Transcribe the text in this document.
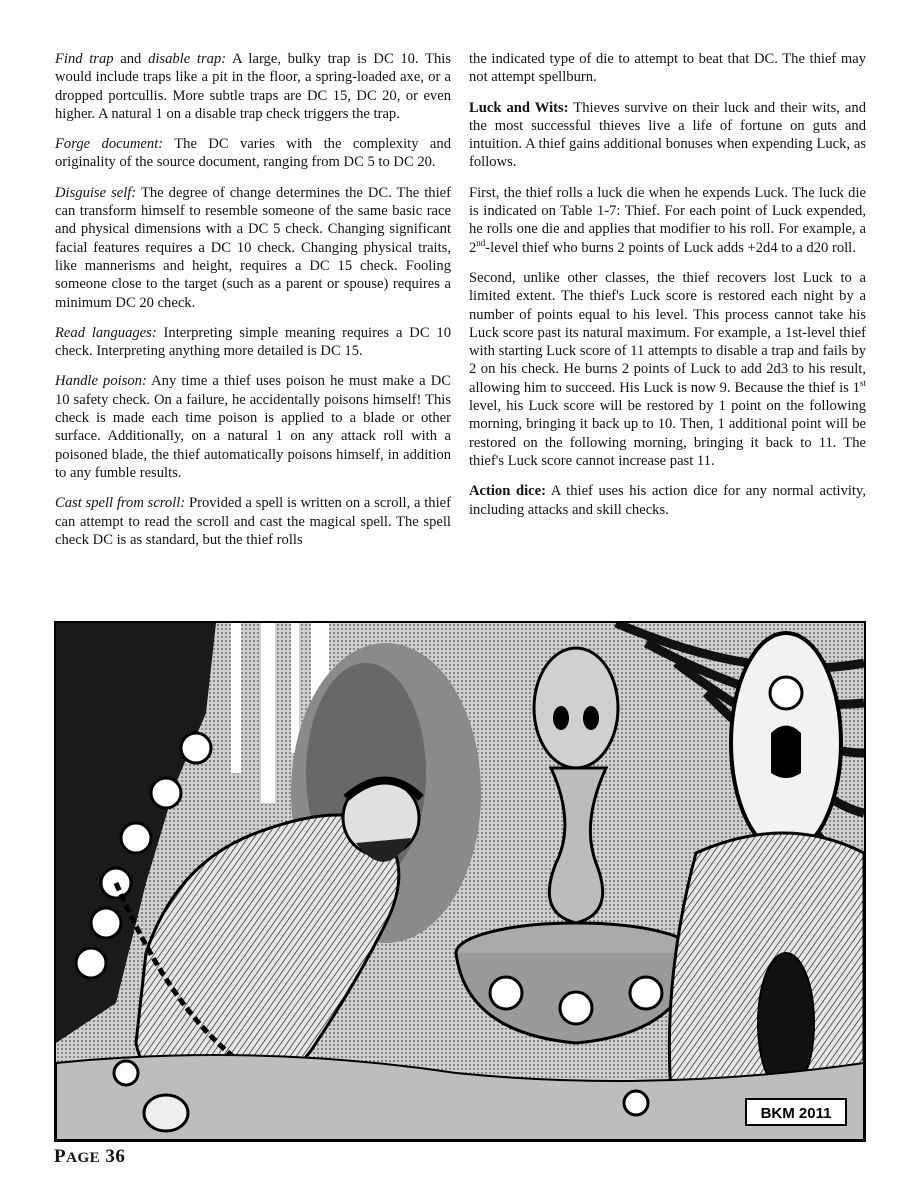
Find trap and disable trap: A large, bulky trap is DC 10. This would include traps like a pit in the floor, a spring-loaded axe, or a dropped portcullis. More subtle traps are DC 15, DC 20, or even higher. A natural 1 on a disable trap check triggers the trap.

Forge document: The DC varies with the complexity and originality of the source document, ranging from DC 5 to DC 20.

Disguise self: The degree of change determines the DC. The thief can transform himself to resemble someone of the same basic race and physical dimensions with a DC 5 check. Changing significant facial features requires a DC 10 check. Changing physical traits, like mannerisms and height, requires a DC 15 check. Fooling someone close to the target (such as a parent or spouse) requires a minimum DC 20 check.

Read languages: Interpreting simple meaning requires a DC 10 check. Interpreting anything more detailed is DC 15.

Handle poison: Any time a thief uses poison he must make a DC 10 safety check. On a failure, he accidentally poisons himself! This check is made each time poison is applied to a blade or other surface. Additionally, on a natural 1 on any attack roll with a poisoned blade, the thief automatically poisons himself, in addition to any fumble results.

Cast spell from scroll: Provided a spell is written on a scroll, a thief can attempt to read the scroll and cast the magical spell. The spell check DC is as standard, but the thief rolls

the indicated type of die to attempt to beat that DC. The thief may not attempt spellburn.

Luck and Wits: Thieves survive on their luck and their wits, and the most successful thieves live a life of fortune on guts and intuition. A thief gains additional bonuses when expending Luck, as follows.

First, the thief rolls a luck die when he expends Luck. The luck die is indicated on Table 1-7: Thief. For each point of Luck expended, he rolls one die and applies that modifier to his roll. For example, a 2nd-level thief who burns 2 points of Luck adds +2d4 to a d20 roll.

Second, unlike other classes, the thief recovers lost Luck to a limited extent. The thief's Luck score is restored each night by a number of points equal to his level. This process cannot take his Luck score past its natural maximum. For example, a 1st-level thief with starting Luck score of 11 attempts to disable a trap and fails by 2 on his check. He burns 2 points of Luck to add 2d3 to his result, allowing him to succeed. His Luck is now 9. Because the thief is 1st level, his Luck score will be restored by 1 point on the following morning, bringing it back up to 10. Then, 1 additional point will be restored on the following morning, bringing it back to 11. The thief's Luck score cannot increase past 11.

Action dice: A thief uses his action dice for any normal activity, including attacks and skill checks.

BKM 2011
PAGE 36
